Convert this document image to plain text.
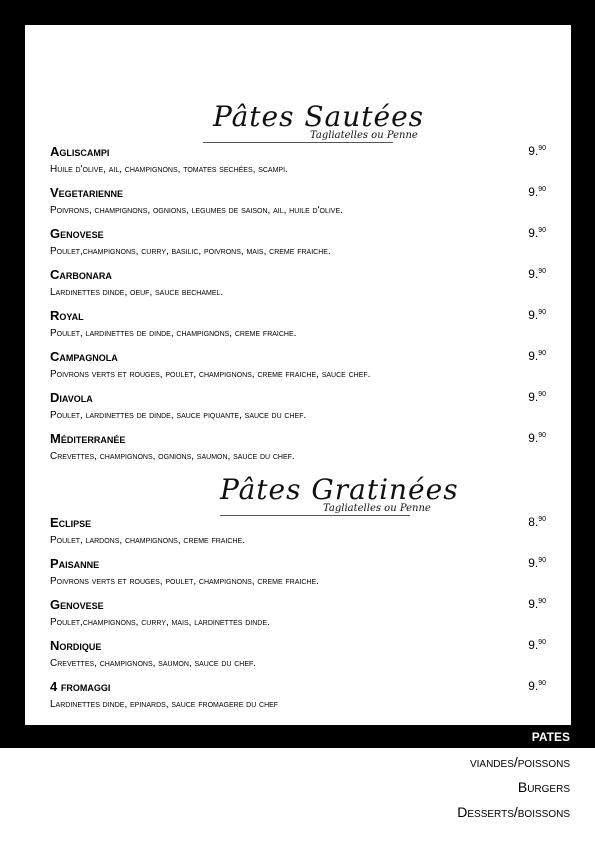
Pâtes Sautées
Tagliatelles ou Penne
Agliscampi
Huile d'olive, ail, champignons, tomates sechées, scampi.
9.90
Vegetarienne
Poivrons, champignons, ognions, legumes de saison, ail, huile d'olive.
9.90
Genovese
Poulet,champignons, curry, basilic, poivrons, mais, creme fraiche.
9.90
Carbonara
Lardinettes dinde, oeuf, sauce bechamel.
9.90
Royal
Poulet, lardinettes de dinde, champignons, creme fraiche.
9.90
Campagnola
Poivrons verts et rouges, poulet, champignons, creme fraiche, sauce chef.
9.90
Diavola
Poulet, lardinettes de dinde, sauce piquante, sauce du chef.
9.90
Méditerranée
Crevettes, champignons, ognions, saumon, sauce du chef.
9.90
Pâtes Gratinées
Tagliatelles ou Penne
Eclipse
Poulet, lardons, champignons, creme fraiche.
8.90
Paisanne
Poivrons verts et rouges, poulet, champignons, creme fraiche.
9.90
Genovese
Poulet,champignons, curry, mais, lardinettes dinde.
9.90
Nordique
Crevettes, champignons, saumon, sauce du chef.
9.90
4 fromaggi
Lardinettes dinde, epinards, sauce fromagere du chef
9.90
PATES
viandes/poissons
Burgers
Desserts/boissons
